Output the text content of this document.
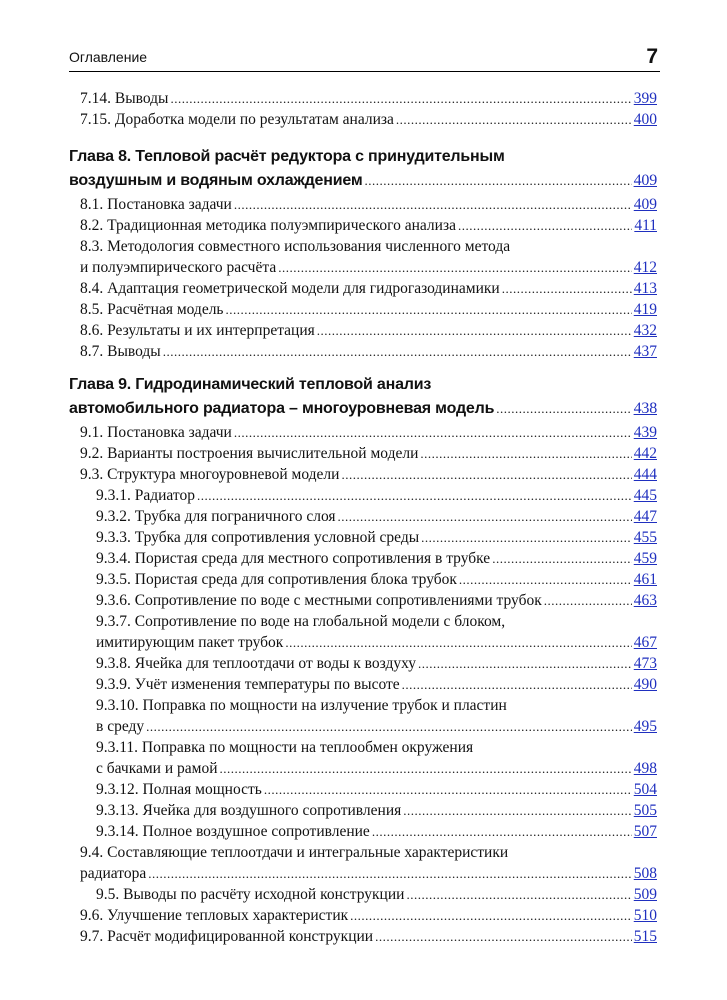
Оглавление	7
7.14. Выводы .....	399
7.15. Доработка модели по результатам анализа .....	400
Глава 8. Тепловой расчёт редуктора с принудительным
воздушным и водяным охлаждением .....	409
8.1. Постановка задачи .....	409
8.2. Традиционная методика полуэмпирического анализа .....	411
8.3. Методология совместного использования численного метода
и полуэмпирического расчёта .....	412
8.4. Адаптация геометрической модели для гидрогазодинамики .....	413
8.5. Расчётная модель .....	419
8.6. Результаты и их интерпретация .....	432
8.7. Выводы .....	437
Глава 9. Гидродинамический тепловой анализ
автомобильного радиатора – многоуровневая модель .....	438
9.1. Постановка задачи .....	439
9.2. Варианты построения вычислительной модели .....	442
9.3. Структура многоуровневой модели .....	444
9.3.1. Радиатор .....	445
9.3.2. Трубка для пограничного слоя .....	447
9.3.3. Трубка для сопротивления условной среды .....	455
9.3.4. Пористая среда для местного сопротивления в трубке .....	459
9.3.5. Пористая среда для сопротивления блока трубок .....	461
9.3.6. Сопротивление по воде с местными сопротивлениями трубок .....	463
9.3.7. Сопротивление по воде на глобальной модели с блоком,
имитирующим пакет трубок .....	467
9.3.8. Ячейка для теплоотдачи от воды к воздуху .....	473
9.3.9. Учёт изменения температуры по высоте .....	490
9.3.10. Поправка по мощности на излучение трубок и пластин
в среду .....	495
9.3.11. Поправка по мощности на теплообмен окружения
с бачками и рамой .....	498
9.3.12. Полная мощность .....	504
9.3.13. Ячейка для воздушного сопротивления .....	505
9.3.14. Полное воздушное сопротивление .....	507
9.4. Составляющие теплоотдачи и интегральные характеристики
радиатора .....	508
9.5. Выводы по расчёту исходной конструкции .....	509
9.6. Улучшение тепловых характеристик .....	510
9.7. Расчёт модифицированной конструкции .....	515
